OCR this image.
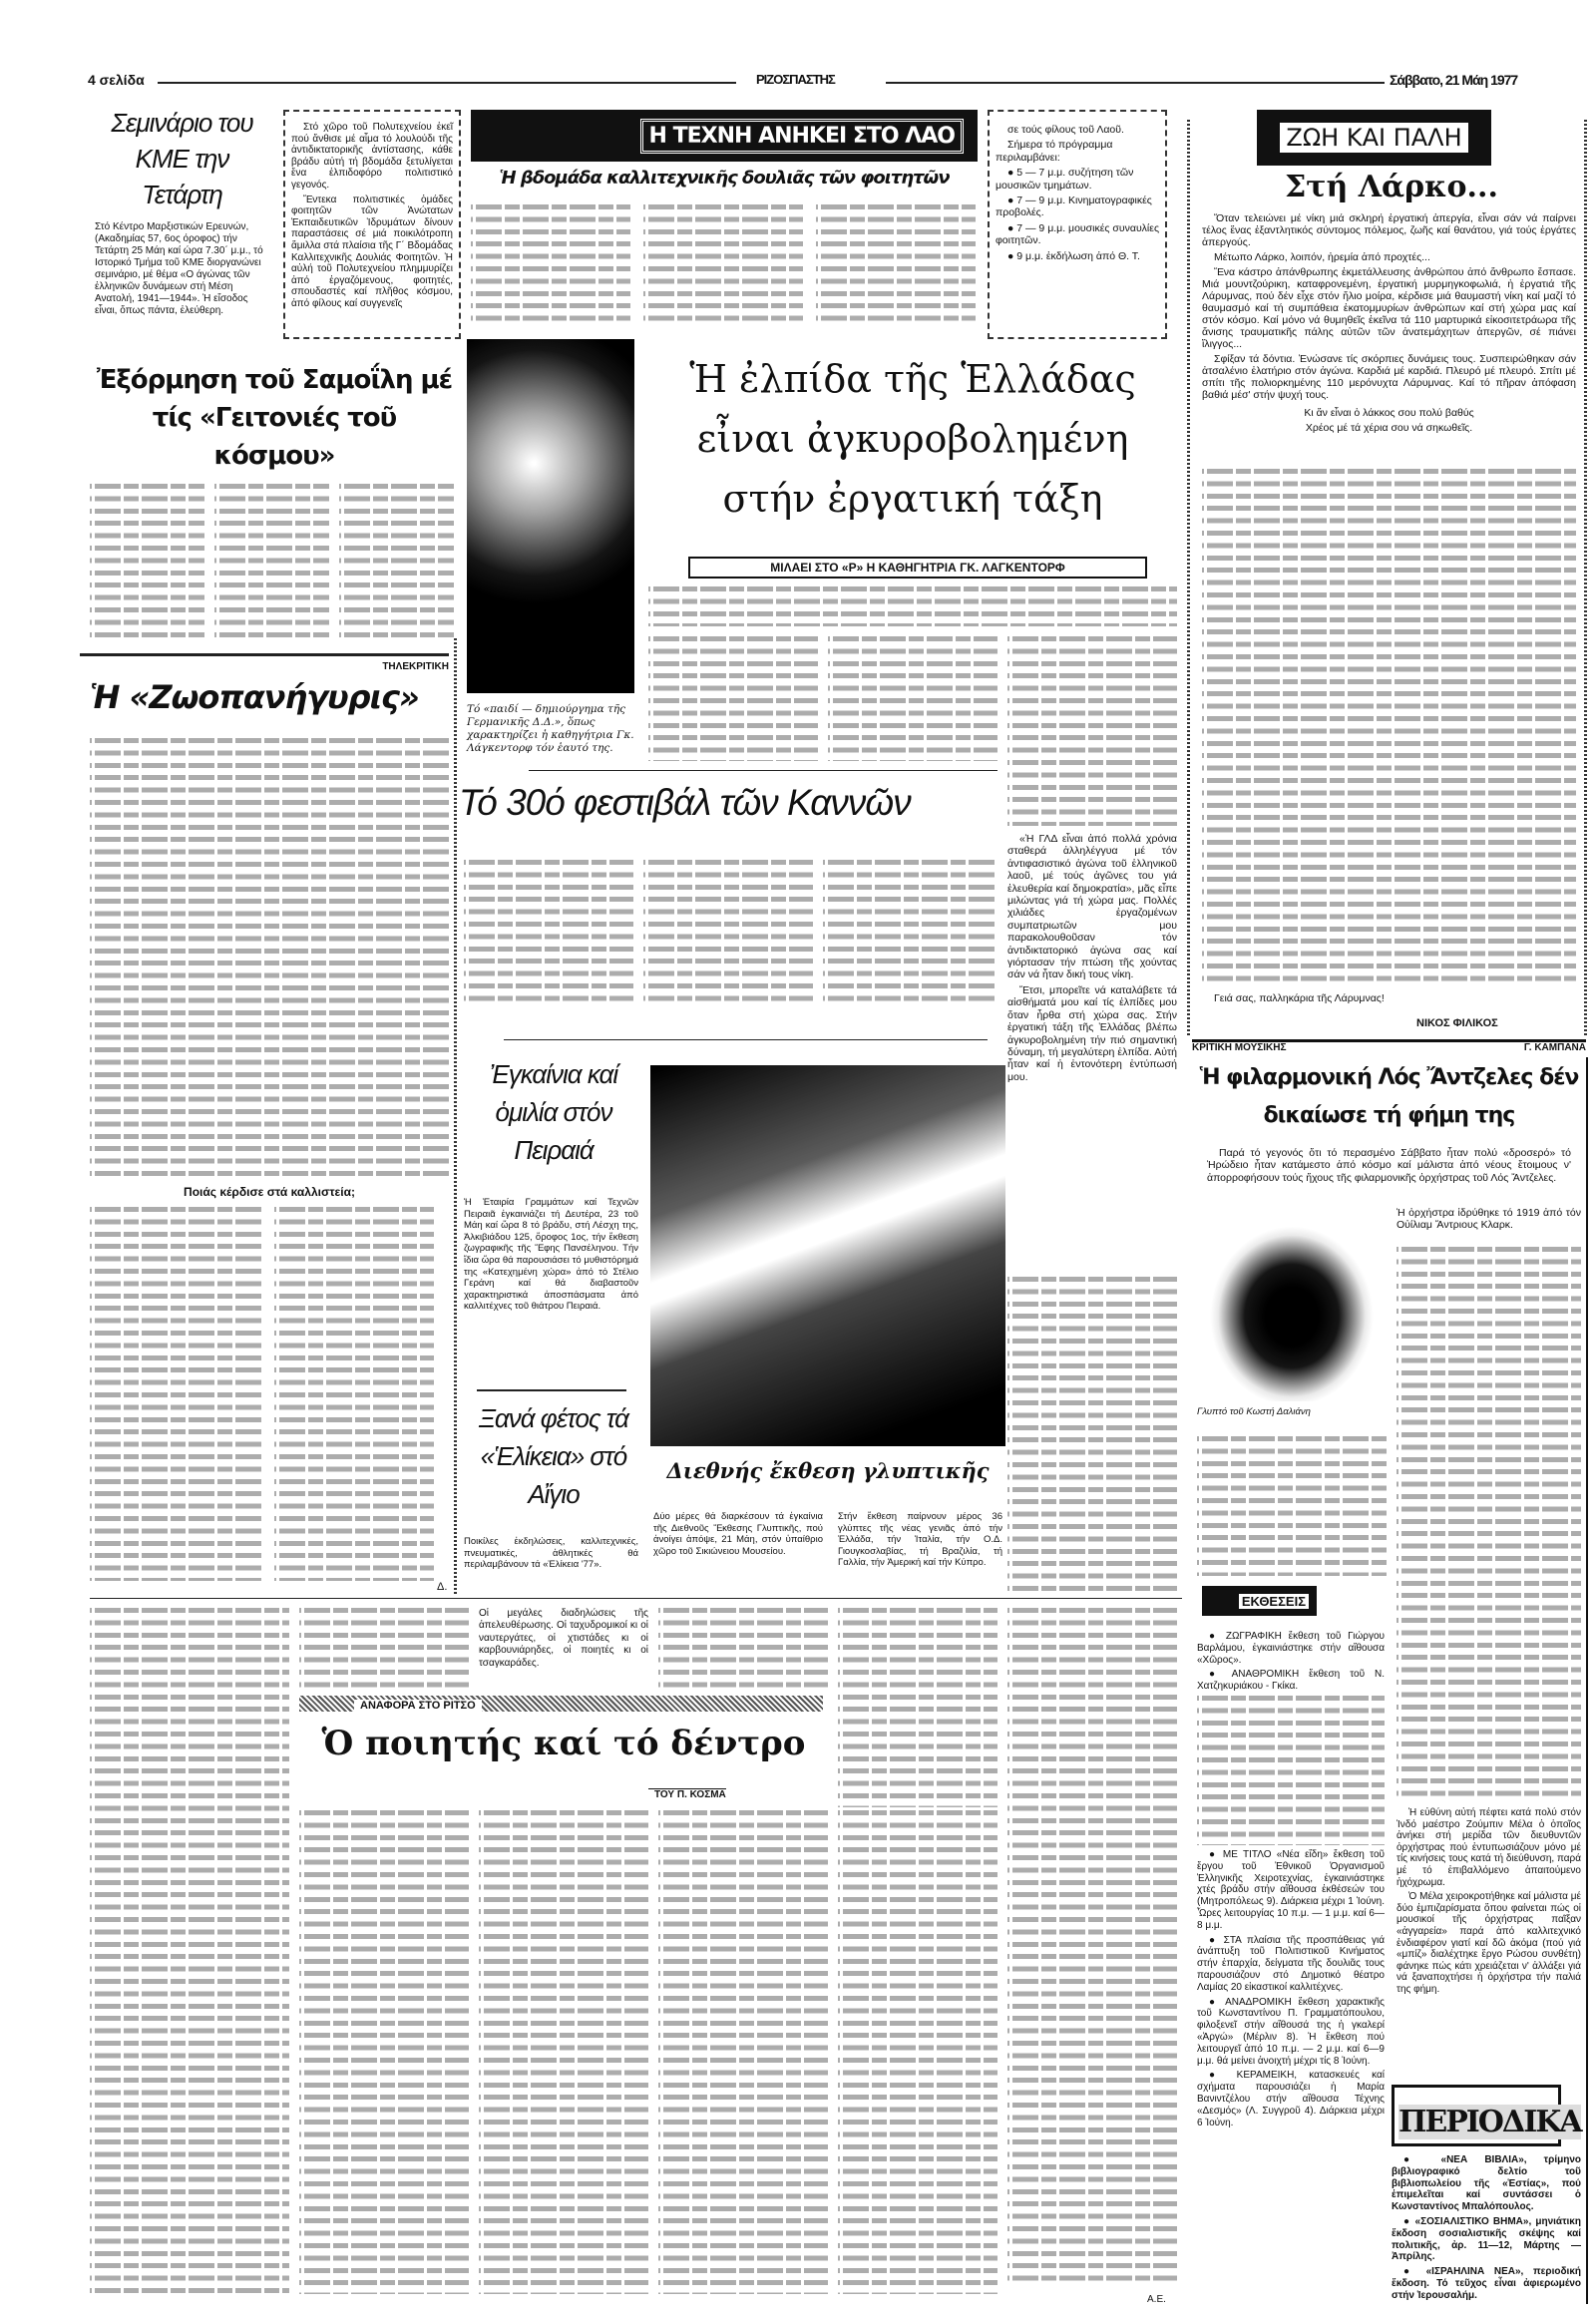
4 σελίδα	ΡΙΖΟΣΠΑΣΤΗΣ	Σάββατο, 21 Μάη 1977
Σεμινάριο του ΚΜΕ την Τετάρτη
Στό Κέντρο Μαρξιστικών Ερευνών, (Ακαδημίας 57, 6ος όροφος) τήν Τετάρτη 25 Μάη καί ώρα 7.30΄ μ.μ., τό Ιστορικό Τμήμα τοῦ ΚΜΕ διοργανώνει σεμινάριο, μέ θέμα «Ο άγώνας τῶν ἑλληνικῶν δυνάμεων στή Μέση Ανατολή, 1941—1944». Ἡ εἴσοδος εἶναι, ὅπως πάντα, ἐλεύθερη.

Στό χῶρο τοῦ Πολυτεχνείου ἐκεῖ πού ἄνθισε μέ αἷμα τό λουλούδι τῆς ἀντιδικτατορικῆς ἀντίστασης, κάθε βράδυ αὐτή τή βδομάδα ξετυλίγεται ἕνα ἐλπιδοφόρο πολιτιστικό γεγονός.

Ἕντεκα πολιτιστικές ὁμάδες φοιτητῶν τῶν Ἀνώτατων Ἐκπαιδευτικῶν Ἱδρυμάτων δίνουν παραστάσεις σέ μιά ποικιλότροπη ἅμιλλα στά πλαίσια τῆς Γ΄ Βδομάδας Καλλιτεχνικῆς Δουλιάς Φοιτητῶν. Ἡ αὐλή τοῦ Πολυτεχνείου πλημμυρίζει ἀπό ἐργαζόμενους, φοιτητές, σπουδαστές καί πλῆθος κόσμου, ἀπό φίλους καί συγγενεῖς

Η ΤΕΧΝΗ ΑΝΗΚΕΙ ΣΤΟ ΛΑΟ
Ἡ βδομάδα καλλιτεχνικῆς δουλιᾶς τῶν φοιτητῶν

σε τούς φίλους τοῦ Λαοῦ.

Σήμερα τό πρόγραμμα περιλαμβάνει:

● 5 — 7 μ.μ. συζήτηση τῶν μουσικῶν τμημάτων.

● 7 — 9 μ.μ. Κινηματογραφικές προβολές.

● 7 — 9 μ.μ. μουσικές συναυλίες φοιτητῶν.

● 9 μ.μ. ἐκδήλωση ἀπό Θ. Τ.

Ἐξόρμηση τοῦ Σαμοΐλη μέ τίς «Γειτονιές τοῦ κόσμου»
ΤΗΛΕΚΡΙΤΙΚΗ
Ἡ «Ζωοπανήγυρις»
Ποιάς κέρδισε στά καλλιστεία;
Δ.
Τό «παιδί — δημιούργημα τῆς Γερμανικῆς Δ.Δ.», ὅπως χαρακτηρίζει ἡ καθηγήτρια Γκ. Λάγκεντορφ τόν ἑαυτό της.
Ἡ ἐλπίδα τῆς Ἑλλάδας εἶναι ἀγκυροβολημένη στήν ἐργατική τάξη
ΜΙΛΑΕΙ ΣΤΟ «Ρ» Η ΚΑΘΗΓΗΤΡΙΑ ΓΚ. ΛΑΓΚΕΝΤΟΡΦ

«Ἡ ΓΛΔ εἶναι ἀπό πολλά χρόνια σταθερά ἀλληλέγγυα μέ τόν ἀντιφασιστικό ἀγώνα τοῦ ἑλληνικοῦ λαοῦ, μέ τούς ἀγῶνες του γιά ἐλευθερία καί δημοκρατία», μᾶς εἶπε μιλώντας γιά τή χώρα μας. Πολλές χιλιάδες ἐργαζομένων συμπατριωτῶν μου παρακολουθοῦσαν τόν ἀντιδικτατορικό ἀγώνα σας καί γιόρτασαν τήν πτώση τῆς χούντας σάν νά ἦταν δική τους νίκη.

Ἔτσι, μπορεῖτε νά καταλάβετε τά αἰσθήματά μου καί τίς ἐλπίδες μου ὅταν ἦρθα στή χώρα σας. Στήν ἐργατική τάξη τῆς Ἑλλάδας βλέπω ἀγκυροβολημένη τήν πιό σημαντική δύναμη, τή μεγαλύτερη ἐλπίδα. Αὐτή ἦταν καί ἡ ἐντονότερη ἐντύπωσή μου.

Τό 30ό φεστιβάλ τῶν Καννῶν
Ἐγκαίνια καί ὁμιλία στόν Πειραιά
Ἡ Ἑταιρία Γραμμάτων καί Τεχνῶν Πειραιᾶ ἐγκαινιάζει τή Δευτέρα, 23 τοῦ Μάη καί ὥρα 8 τό βράδυ, στή Λέσχη της, Ἀλκιβιάδου 125, ὄροφος 1ος, τήν ἔκθεση ζωγραφικῆς τῆς Ἔφης Πανσέληνου. Τήν ἴδια ὥρα θά παρουσιάσει τό μυθιστόρημά της «Κατεχημένη χώρα» ἀπό τό Στέλιο Γεράνη καί θά διαβαστοῦν χαρακτηριστικά ἀποσπάσματα ἀπό καλλιτέχνες τοῦ θιάτρου Πειραιά.
Ξανά φέτος τά «Ἑλίκεια» στό Αἴγιο
Ποικίλες ἐκδηλώσεις, καλλιτεχνικές, πνευματικές, ἀθλητικές θά περιλαμβάνουν τά «Ἑλίκεια '77».
Διεθνής ἔκθεση γλυπτικῆς
Δύο μέρες θά διαρκέσουν τά ἐγκαίνια τῆς Διεθνοῦς Ἔκθεσης Γλυπτικῆς, πού ἀνοίγει ἀπόψε, 21 Μάη, στόν ὑπαίθριο χῶρο τοῦ Σικιώνειου Μουσείου.
Στήν ἔκθεση παίρνουν μέρος 36 γλύπτες τῆς νέας γενιᾶς ἀπό τήν Ἑλλάδα, τήν Ἰταλία, τήν Ο.Δ. Γιουγκοσλαβίας, τή Βραζιλία, τή Γαλλία, τήν Ἀμερική καί τήν Κύπρο.
ΖΩΗ ΚΑΙ ΠΑΛΗ
Στή Λάρκο...

Ὅταν τελειώνει μέ νίκη μιά σκληρή ἐργατική ἀπεργία, εἶναι σάν νά παίρνει τέλος ἕνας ἐξαντλητικός σύντομος πόλεμος, ζωῆς καί θανάτου, γιά τούς ἐργάτες ἀπεργούς.

Μέτωπο Λάρκο, λοιπόν, ἠρεμία ἀπό προχτές...

Ἕνα κάστρο ἀπάνθρωπης ἐκμετάλλευσης ἀνθρώπου ἀπό ἄνθρωπο ἔσπασε. Μιά μουντζούρικη, καταφρονεμένη, ἐργατική μυρμηγκοφωλιά, ἡ ἐργατιά τῆς Λάρυμνας, πού δέν εἶχε στόν ἥλιο μοίρα, κέρδισε μιά θαυμαστή νίκη καί μαζί τό θαυμασμό καί τή συμπάθεια ἑκατομμυρίων ἀνθρώπων καί στή χώρα μας καί στόν κόσμο. Καί μόνο νά θυμηθεῖς ἐκεῖνα τά 110 μαρτυρικά εἰκοσιτετράωρα τῆς ἄνισης τραυματικῆς πάλης αὐτῶν τῶν ἀνατεμάχητων ἀπεργῶν, σέ πιάνει ἴλιγγος...

Σφίξαν τά δόντια. Ἑνώσανε τίς σκόρπιες δυνάμεις τους. Συσπειρώθηκαν σάν ἀτσαλένιο ἐλατήριο στόν ἀγώνα. Καρδιά μέ καρδιά. Πλευρό μέ πλευρό. Σπίτι μέ σπίτι τῆς πολιορκημένης 110 μερόνυχτα Λάρυμνας. Καί τό πῆραν ἀπόφαση βαθιά μέσ' στήν ψυχή τους.

Κι ἄν εἶναι ὁ λάκκος σου πολύ βαθύς

Χρέος μέ τά χέρια σου νά σηκωθεῖς.

Γειά σας, παλληκάρια τῆς Λάρυμνας!
ΝΙΚΟΣ ΦΙΛΙΚΟΣ
ΚΡΙΤΙΚΗ ΜΟΥΣΙΚΗΣ	Γ. ΚΑΜΠΑΝΑ
Ἡ φιλαρμονική Λός Ἄντζελες δέν δικαίωσε τή φήμη της
Παρά τό γεγονός ὅτι τό περασμένο Σάββατο ἦταν πολύ «δροσερό» τό Ἡρώδειο ἦταν κατάμεστο ἀπό κόσμο καί μάλιστα ἀπό νέους ἕτοιμους ν' ἀπορροφήσουν τούς ἤχους τῆς φιλαρμονικῆς ὀρχήστρας τοῦ Λός Ἄντζελες.
Γλυπτό τοῦ Κωστή Δαλιάνη
Ἡ ὀρχήστρα ἱδρύθηκε τό 1919 ἀπό τόν Οὐίλιαμ Ἄντριους Κλαρκ.

Ἡ εὐθύνη αὐτή πέφτει κατά πολύ στόν Ἰνδό μαέστρο Ζούμπιν Μέλα ὁ ὁποῖος ἀνήκει στή μερίδα τῶν διευθυντῶν ὀρχήστρας πού ἐντυπωσιάζουν μόνο μέ τίς κινήσεις τους κατά τή διεύθυνση, παρά μέ τό ἐπιβαλλόμενο ἀπαιτούμενο ἠχόχρωμα.

Ὁ Μέλα χειροκροτήθηκε καί μάλιστα μέ δύο ἐμπιζαρίσματα ὅπου φαίνεται πώς οἱ μουσικοί τῆς ὀρχήστρας παῖξαν «ἀγγαρεία» παρά ἀπό καλλιτεχνικό ἐνδιαφέρον γιατί καί δῶ ἀκόμα (πού γιά «μπίζ» διαλέχτηκε ἔργο Ρώσου συνθέτη) φάνηκε πώς κάτι χρειάζεται ν' ἀλλάξει γιά νά ξαναποχτήσει ἡ ὀρχήστρα τήν παλιά της φήμη.

ΕΚΘΕΣΕΙΣ

● ΖΩΓΡΑΦΙΚΗ ἔκθεση τοῦ Γιώργου Βαρλάμου, ἐγκαινιάστηκε στήν αἴθουσα «Χῶρος».

● ΑΝΑΘΡΟΜΙΚΗ ἔκθεση τοῦ Ν. Χατζηκυριάκου - Γκίκα.

● ΜΕ ΤΙΤΛΟ «Νέα εἴδη» ἔκθεση τοῦ ἔργου τοῦ Ἐθνικοῦ Ὀργανισμοῦ Ἑλληνικῆς Χειροτεχνίας, ἐγκαινιάστηκε χτές βράδυ στήν αἴθουσα ἐκθέσεών του (Μητροπόλεως 9). Διάρκεια μέχρι 1 Ἰούνη. Ὧρες λειτουργίας 10 π.μ. — 1 μ.μ. καί 6—8 μ.μ.

● ΣΤΑ πλαίσια τῆς προσπάθειας γιά ἀνάπτυξη τοῦ Πολιτιστικοῦ Κινήματος στήν ἐπαρχία, δείγματα τῆς δουλιᾶς τους παρουσιάζουν στό Δημοτικό θέατρο Λαμίας 20 εἰκαστικοί καλλιτέχνες.

● ΑΝΑΔΡΟΜΙΚΗ ἔκθεση χαρακτικῆς τοῦ Κωνσταντίνου Π. Γραμματόπουλου, φιλοξενεῖ στήν αἴθουσά της ἡ γκαλερί «Ἀργώ» (Μέρλιν 8). Ἡ ἔκθεση πού λειτουργεῖ ἀπό 10 π.μ. — 2 μ.μ. καί 6—9 μ.μ. θά μείνει ἀνοιχτή μέχρι τίς 8 Ἰούνη.

● ΚΕΡΑΜΕΙΚΗ, κατασκευές καί σχήματα παρουσιάζει ἡ Μαρία Βανιντζέλου στήν αἴθουσα Τέχνης «Δεσμός» (Λ. Συγγροῦ 4). Διάρκεια μέχρι 6 Ἰούνη.	ΠΕΡΙΟΔΙΚΑ

● «ΝΕΑ ΒΙΒΛΙΑ», τρίμηνο βιβλιογραφικό δελτίο τοῦ βιβλιοπωλείου τῆς «Ἑστίας», πού ἐπιμελεῖται καί συντάσσει ὁ Κωνσταντίνος Μπαλόπουλος.

● «ΣΟΣΙΑΛΙΣΤΙΚΟ ΒΗΜΑ», μηνιάτικη ἔκδοση σοσιαλιστικῆς σκέψης καί πολιτικῆς, ἀρ. 11—12, Μάρτης — Ἀπρίλης.

● «ΙΣΡΑΗΛΙΝΑ ΝΕΑ», περιοδική ἔκδοση. Τό τεῦχος εἶναι ἀφιερωμένο στήν Ἱερουσαλήμ.

Οἱ μεγάλες διαδηλώσεις τῆς ἀπελευθέρωσης. Οἱ ταχυδρομικοί κι οἱ ναυτεργάτες, οἱ χτιστάδες κι οἱ καρβουνιάρηδες, οἱ ποιητές κι οἱ τσαγκαράδες.
ΑΝΑΦΟΡΑ ΣΤΟ ΡΙΤΣΟ
Ὁ ποιητής καί τό δέντρο
ΤΟΥ Π. ΚΟΣΜΑ
Α.Ε.
